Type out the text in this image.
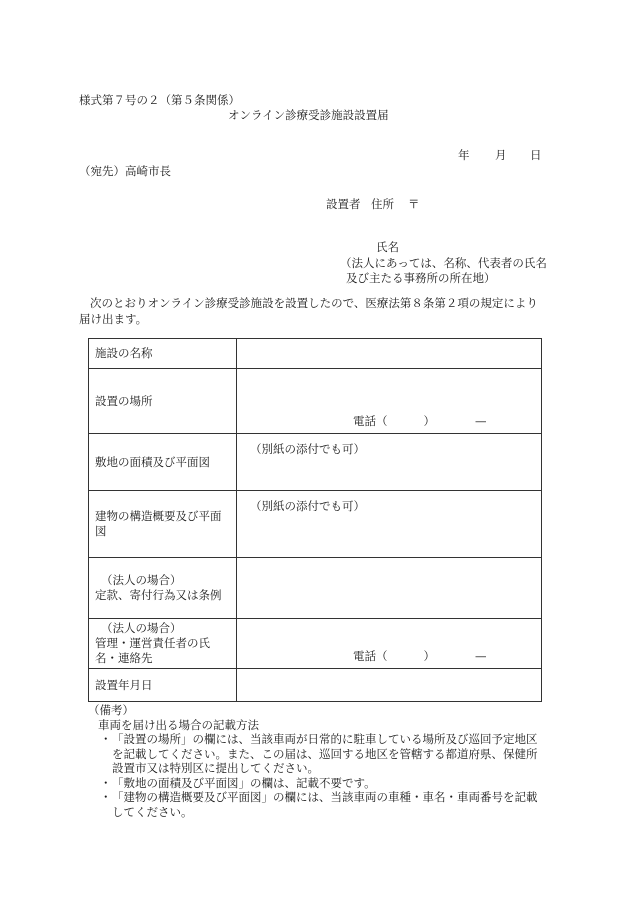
様式第７号の２（第５条関係）
オンライン診療受診施設設置届
年 月 日
（宛先）高崎市長
設置者 住所 〒
氏名
（法人にあっては、名称、代表者の氏名
及び主たる事務所の所在地）
次のとおりオンライン診療受診施設を設置したので、医療法第８条第２項の規定により
届け出ます。
施設の名称	
設置の場所	電話（ ） —

敷地の面積及び平面図	（別紙の添付でも可）

建物の構造概要及び平面
図	（別紙の添付でも可）

（法人の場合）
定款、寄付行為又は条例	
（法人の場合）
管理・運営責任者の氏
名・連絡先	電話（ ） —

設置年月日	
（備考）
車両を届け出る場合の記載方法
・ 「設置の場所」の欄には、当該車両が日常的に駐車している場所及び巡回予定地区
を記載してください。また、この届は、巡回する地区を管轄する都道府県、保健所
設置市又は特別区に提出してください。
・ 「敷地の面積及び平面図」の欄は、記載不要です。
・ 「建物の構造概要及び平面図」の欄には、当該車両の車種・車名・車両番号を記載
してください。
